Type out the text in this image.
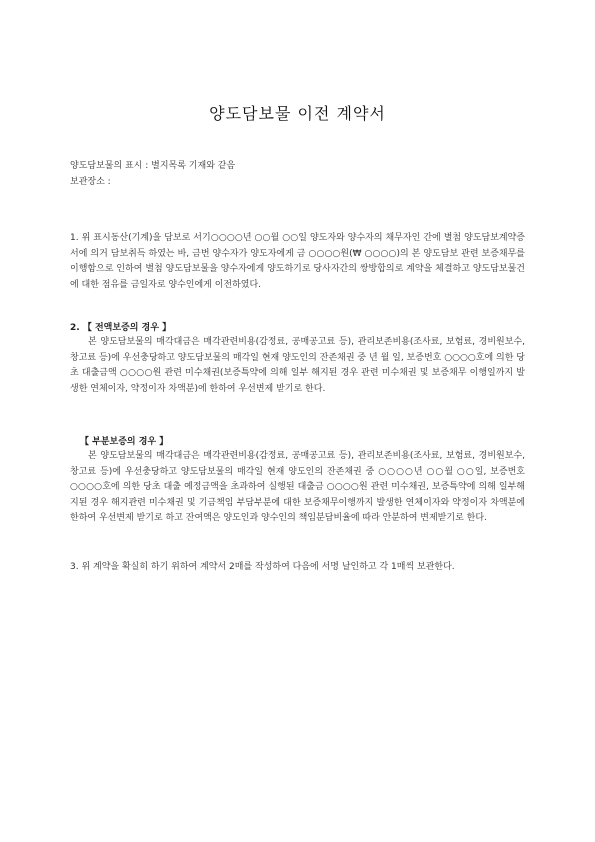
양도담보물 이전 계약서
양도담보물의 표시 : 별지목록 기재와 같음
보관장소 :
1. 위 표시동산(기계)을 담보로 서기○○○○년 ○○월 ○○일 양도자와 양수자의 채무자인 간에 별첨 양도담보계약증서에 의거 담보취득 하였는 바, 금번 양수자가 양도자에게 금 ○○○○원(₩ ○○○○)의 본 양도담보 관련 보증채무를 이행함으로 인하여 별첨 양도담보물을 양수자에게 양도하기로 당사자간의 쌍방합의로 계약을 체결하고 양도담보물건에 대한 점유를 금일자로 양수인에게 이전하였다.
2. 【 전액보증의 경우 】
본 양도담보물의 매각대금은 매각관련비용(감정료, 공매공고료 등), 관리보존비용(조사료, 보험료, 경비원보수, 창고료 등)에 우선충당하고 양도담보물의 매각일 현재 양도인의 잔존채권 중 년 월 일, 보증번호 ○○○○호에 의한 당초 대출금액 ○○○○원 관련 미수채권(보증특약에 의해 일부 해지된 경우 관련 미수채권 및 보증채무 이행일까지 발생한 연체이자, 약정이자 차액분)에 한하여 우선변제 받기로 한다.
【 부분보증의 경우 】
본 양도담보물의 매각대금은 매각관련비용(감정료, 공매공고료 등), 관리보존비용(조사료, 보험료, 경비원보수, 창고료 등)에 우선충당하고 양도담보물의 매각일 현재 양도인의 잔존채권 중 ○○○○년 ○○월 ○○일, 보증번호 ○○○○호에 의한 당초 대출 예정금액을 초과하여 실행된 대출금 ○○○○원 관련 미수채권, 보증특약에 의해 일부해지된 경우 해지관련 미수채권 및 기금책임 부담부분에 대한 보증채무이행까지 발생한 연체이자와 약정이자 차액분에 한하여 우선변제 받기로 하고 잔여액은 양도인과 양수인의 책임분담비율에 따라 안분하여 변제받기로 한다.
3. 위 계약을 확실히 하기 위하여 계약서 2매를 작성하여 다음에 서명 날인하고 각 1매씩 보관한다.
